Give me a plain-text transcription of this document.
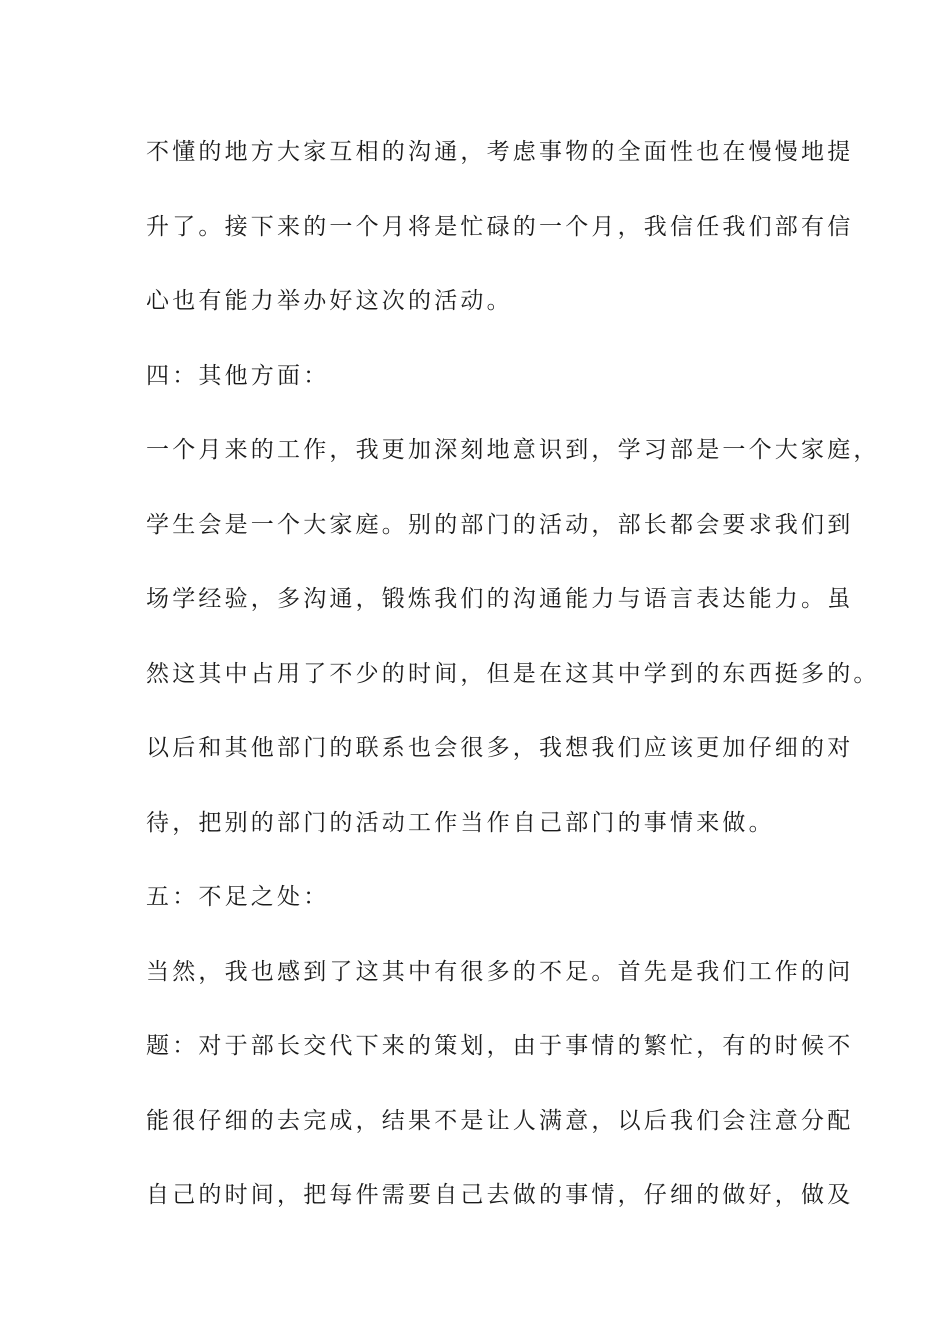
不懂的地方大家互相的沟通，考虑事物的全面性也在慢慢地提
升了。接下来的一个月将是忙碌的一个月，我信任我们部有信
心也有能力举办好这次的活动。
四：其他方面：
一个月来的工作，我更加深刻地意识到，学习部是一个大家庭，
学生会是一个大家庭。别的部门的活动，部长都会要求我们到
场学经验，多沟通，锻炼我们的沟通能力与语言表达能力。虽
然这其中占用了不少的时间，但是在这其中学到的东西挺多的。
以后和其他部门的联系也会很多，我想我们应该更加仔细的对
待，把别的部门的活动工作当作自己部门的事情来做。
五：不足之处：
当然，我也感到了这其中有很多的不足。首先是我们工作的问
题：对于部长交代下来的策划，由于事情的繁忙，有的时候不
能很仔细的去完成，结果不是让人满意，以后我们会注意分配
自己的时间，把每件需要自己去做的事情，仔细的做好，做及
